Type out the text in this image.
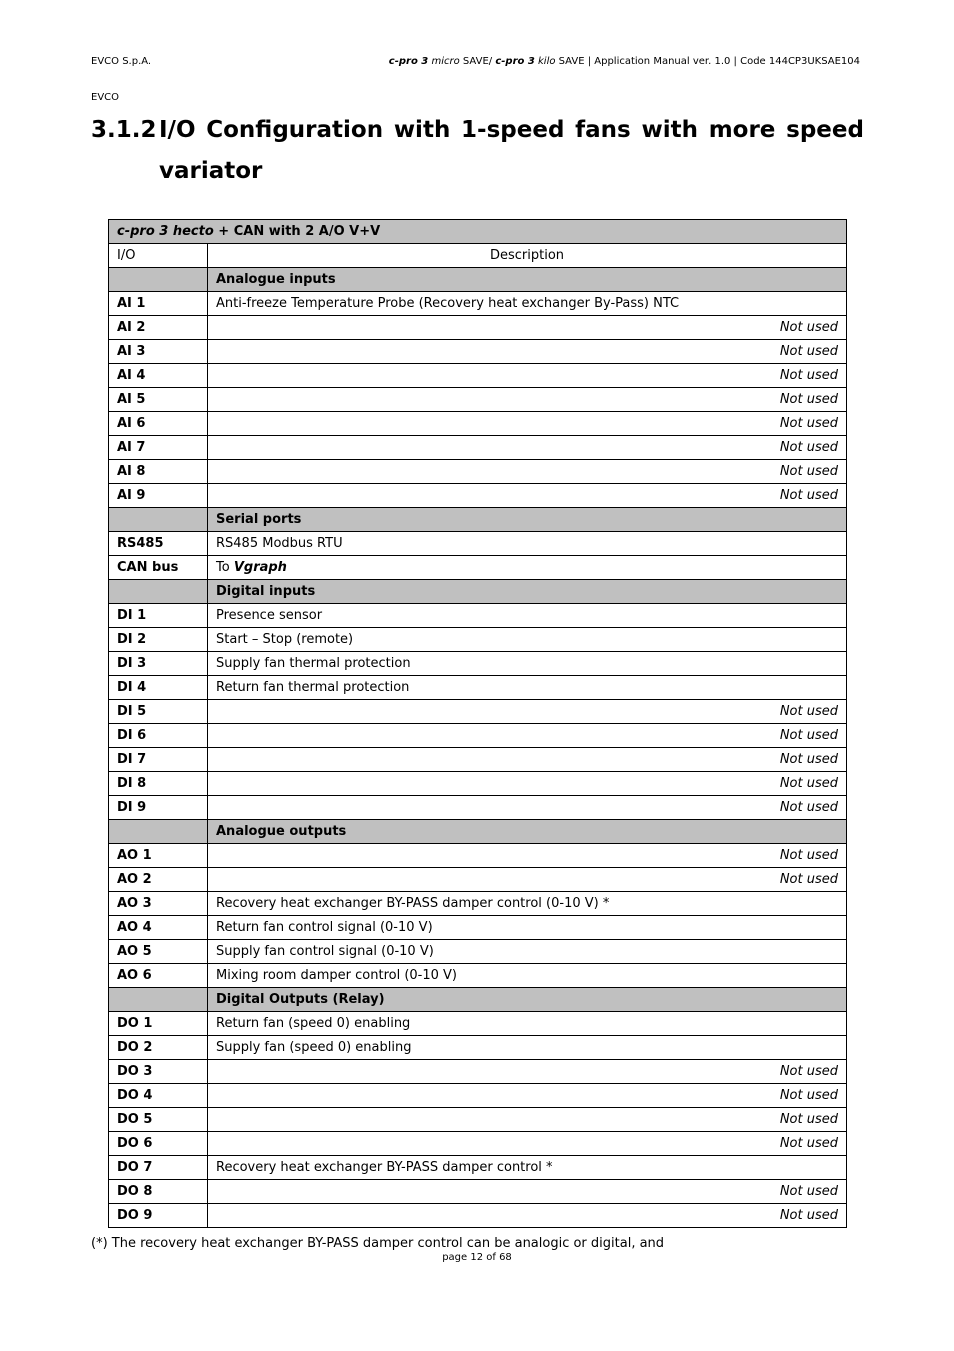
EVCO S.p.A.	c-pro 3 micro SAVE/ c-pro 3 kilo SAVE | Application Manual ver. 1.0 | Code 144CP3UKSAE104
EVCO
3.1.2 I/O Configuration with 1-speed fans with more speed
variator
c-pro 3 hecto + CAN with 2 A/O V+V	
I/O	Description
	Analogue inputs
AI 1	Anti-freeze Temperature Probe (Recovery heat exchanger By-Pass) NTC
AI 2	Not used
AI 3	Not used
AI 4	Not used
AI 5	Not used
AI 6	Not used
AI 7	Not used
AI 8	Not used
AI 9	Not used
	Serial ports
RS485	RS485 Modbus RTU
CAN bus	To Vgraph
	Digital inputs
DI 1	Presence sensor
DI 2	Start – Stop (remote)
DI 3	Supply fan thermal protection
DI 4	Return fan thermal protection
DI 5	Not used
DI 6	Not used
DI 7	Not used
DI 8	Not used
DI 9	Not used
	Analogue outputs
AO 1	Not used
AO 2	Not used
AO 3	Recovery heat exchanger BY-PASS damper control (0-10 V) *
AO 4	Return fan control signal (0-10 V)
AO 5	Supply fan control signal (0-10 V)
AO 6	Mixing room damper control (0-10 V)
	Digital Outputs (Relay)
DO 1	Return fan (speed 0) enabling
DO 2	Supply fan (speed 0) enabling
DO 3	Not used
DO 4	Not used
DO 5	Not used
DO 6	Not used
DO 7	Recovery heat exchanger BY-PASS damper control *
DO 8	Not used
DO 9	Not used
(*) The recovery heat exchanger BY-PASS damper control can be analogic or digital, and
page 12 of 68
